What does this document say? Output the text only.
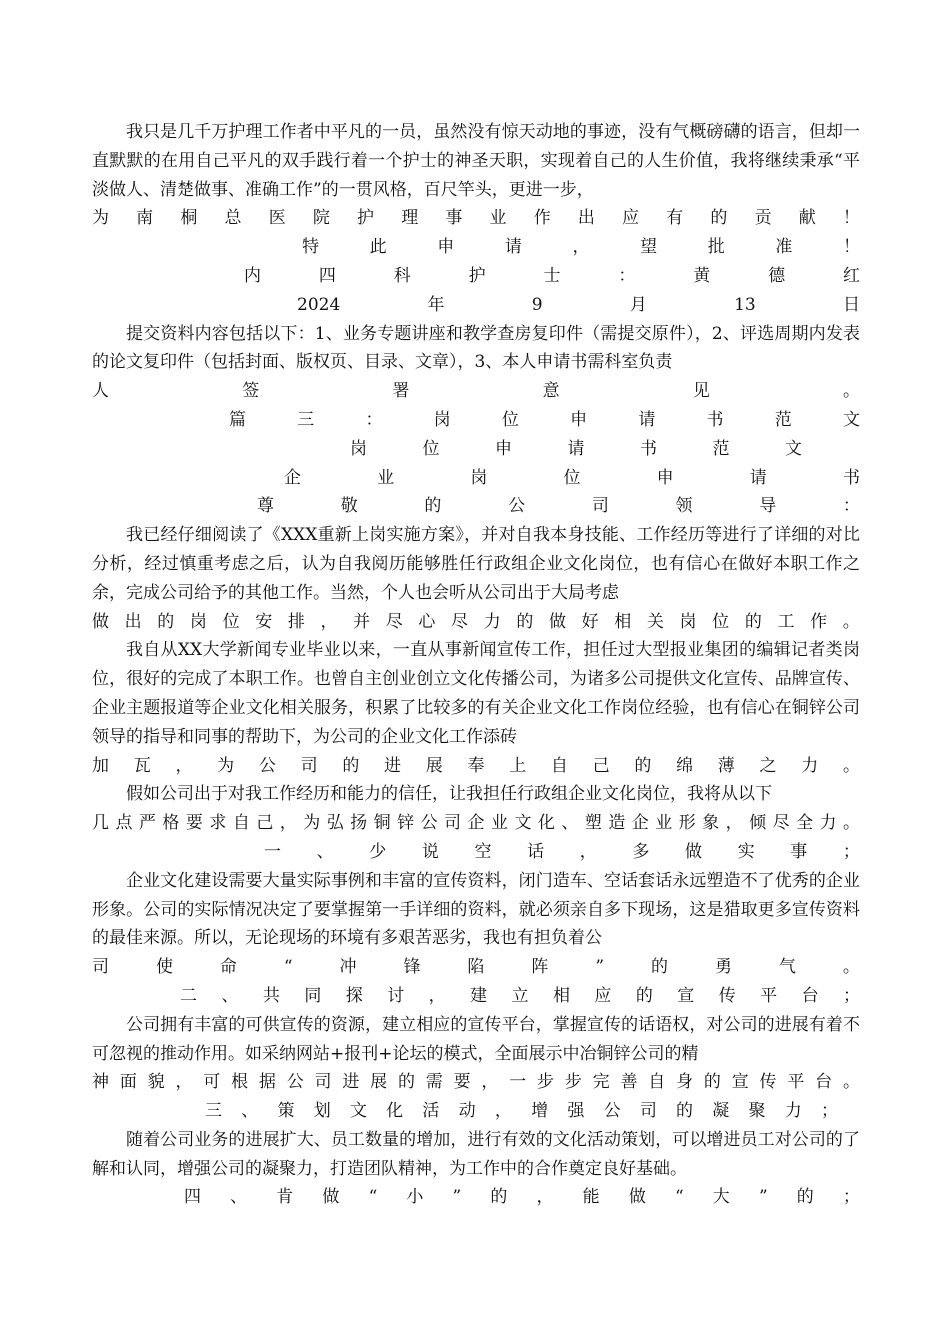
我只是几千万护理工作者中平凡的一员，虽然没有惊天动地的事迹，没有气概磅礴的语言，但却一直默默的在用自己平凡的双手践行着一个护士的神圣天职，实现着自己的人生价值，我将继续秉承“平淡做人、清楚做事、准确工作”的一贯风格，百尺竿头，更进一步，

为 南 桐 总 医 院 护 理 事 业 作 出 应 有 的 贡 献 ！
特	此	申	请	，	望	批	准	！
内	四	科	护	士	：	黄	德	红
2024	年	9	月	13	日

提交资料内容包括以下：1、业务专题讲座和教学查房复印件（需提交原件），2、评选周期内发表的论文复印件（包括封面、版权页、目录、文章），3、本人申请书需科室负责

人	签	署	意	见	。
篇	三	：	岗	位	申	请	书	范	文
岗	位	申	请	书	范	文
企	业	岗	位	申	请	书
尊	敬	的	公	司	领	导	：

我已经仔细阅读了《XXX重新上岗实施方案》，并对自我本身技能、工作经历等进行了详细的对比分析，经过慎重考虑之后，认为自我阅历能够胜任行政组企业文化岗位，也有信心在做好本职工作之余，完成公司给予的其他工作。当然，个人也会听从公司出于大局考虑

做 出 的 岗 位 安 排 ， 并 尽 心 尽 力 的 做 好 相 关 岗 位 的 工 作 。

我自从XX大学新闻专业毕业以来，一直从事新闻宣传工作，担任过大型报业集团的编辑记者类岗位，很好的完成了本职工作。也曾自主创业创立文化传播公司，为诸多公司提供文化宣传、品牌宣传、企业主题报道等企业文化相关服务，积累了比较多的有关企业文化工作岗位经验，也有信心在铜锌公司领导的指导和同事的帮助下，为公司的企业文化工作添砖

加 瓦 ， 为 公 司 的 进 展 奉 上 自 己 的 绵 薄 之 力 。

假如公司出于对我工作经历和能力的信任，让我担任行政组企业文化岗位，我将从以下

几 点 严 格 要 求 自 己 ， 为 弘 扬 铜 锌 公 司 企 业 文 化 、 塑 造 企 业 形 象 ， 倾 尽 全 力 。
一 、 少 说 空 话 ， 多 做 实 事 ；

企业文化建设需要大量实际事例和丰富的宣传资料，闭门造车、空话套话永远塑造不了优秀的企业形象。公司的实际情况决定了要掌握第一手详细的资料，就必须亲自多下现场，这是猎取更多宣传资料的最佳来源。所以，无论现场的环境有多艰苦恶劣，我也有担负着公

司	使	命	“	冲	锋	陷	阵	”	的	勇	气	。
二 、 共 同 探 讨 ， 建 立 相 应 的 宣 传 平 台 ；

公司拥有丰富的可供宣传的资源，建立相应的宣传平台，掌握宣传的话语权，对公司的进展有着不可忽视的推动作用。如采纳网站+报刊+论坛的模式，全面展示中冶铜锌公司的精

神 面 貌 ， 可 根 据 公 司 进 展 的 需 要 ， 一 步 步 完 善 自 身 的 宣 传 平 台 。
三 、 策 划 文 化 活 动 ， 增 强 公 司 的 凝 聚 力 ；

随着公司业务的进展扩大、员工数量的增加，进行有效的文化活动策划，可以增进员工对公司的了解和认同，增强公司的凝聚力，打造团队精神，为工作中的合作奠定良好基础。

四 、 肯 做 “ 小 ” 的 ， 能 做 “ 大 ” 的 ；
